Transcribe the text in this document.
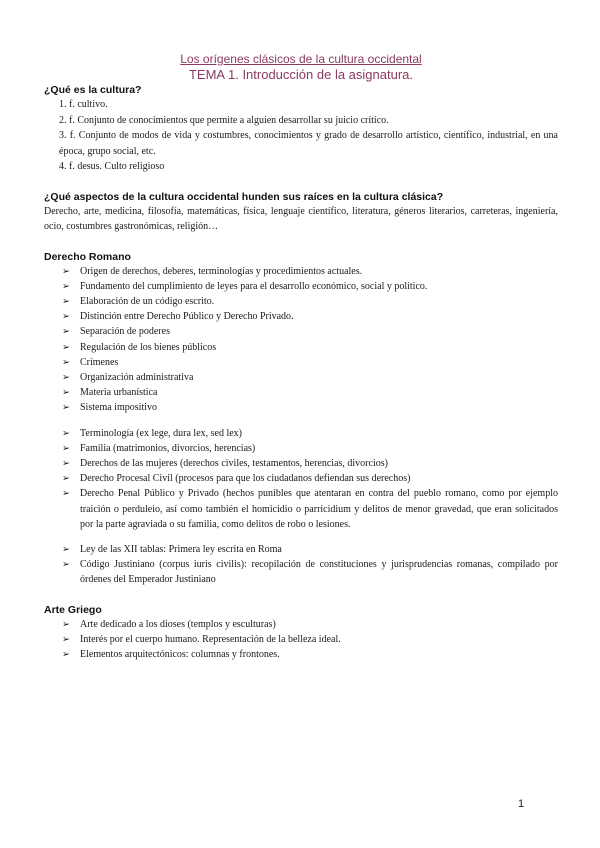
Los orígenes clásicos de la cultura occidental
TEMA 1. Introducción de la asignatura.
¿Qué es la cultura?
1. f. cultivo.
2. f. Conjunto de conocimientos que permite a alguien desarrollar su juicio crítico.
3. f. Conjunto de modos de vida y costumbres, conocimientos y grado de desarrollo artístico, científico, industrial, en una época, grupo social, etc.
4. f. desus. Culto religioso
¿Qué aspectos de la cultura occidental hunden sus raíces en la cultura clásica?
Derecho, arte, medicina, filosofía, matemáticas, física, lenguaje científico, literatura, géneros literarios, carreteras, ingeniería, ocio, costumbres gastronómicas, religión…
Derecho Romano
➢ Origen de derechos, deberes, terminologías y procedimientos actuales.
➢ Fundamento del cumplimiento de leyes para el desarrollo económico, social y político.
➢ Elaboración de un código escrito.
➢ Distinción entre Derecho Público y Derecho Privado.
➢ Separación de poderes
➢ Regulación de los bienes públicos
➢ Crímenes
➢ Organización administrativa
➢ Materia urbanística
➢ Sistema impositivo
➢ Terminología (ex lege, dura lex, sed lex)
➢ Familia (matrimonios, divorcios, herencias)
➢ Derechos de las mujeres (derechos civiles, testamentos, herencias, divorcios)
➢ Derecho Procesal Civil (procesos para que los ciudadanos defiendan sus derechos)
➢ Derecho Penal Público y Privado (hechos punibles que atentaran en contra del pueblo romano, como por ejemplo traición o perduleio, así como también el homicidio o parricidium y delitos de menor gravedad, que eran solicitados por la parte agraviada o su familia, como delitos de robo o lesiones.
➢ Ley de las XII tablas: Primera ley escrita en Roma
➢ Código Justiniano (corpus iuris civilis): recopilación de constituciones y jurisprudencias romanas, compilado por órdenes del Emperador Justiniano
Arte Griego
➢ Arte dedicado a los dioses (templos y esculturas)
➢ Interés por el cuerpo humano. Representación de la belleza ideal.
➢ Elementos arquitectónicos: columnas y frontones.
1
